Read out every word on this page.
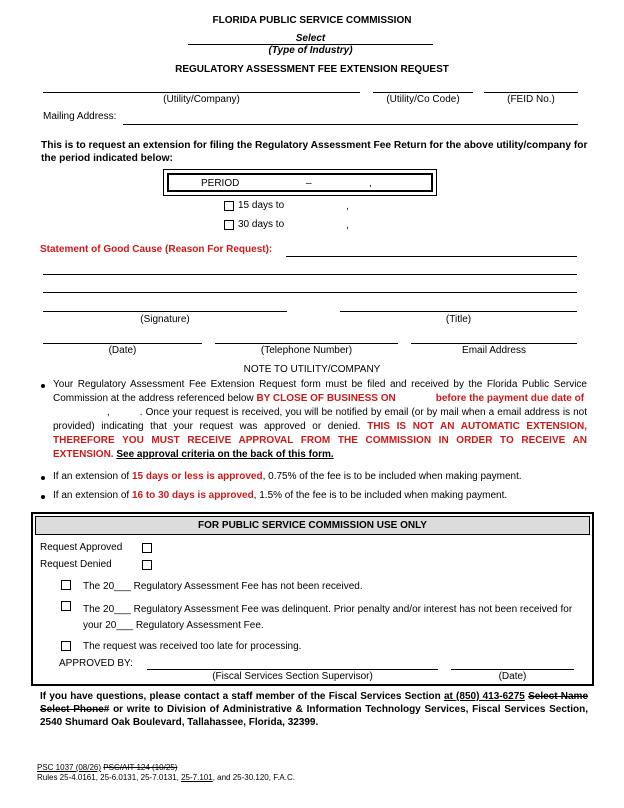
FLORIDA PUBLIC SERVICE COMMISSION
Select
(Type of Industry)
REGULATORY ASSESSMENT FEE EXTENSION REQUEST
(Utility/Company)	(Utility/Co Code)	(FEID No.)
Mailing Address:
This is to request an extension for filing the Regulatory Assessment Fee Return for the above utility/company for the period indicated below:
PERIOD	–	,
15 days to	,
30 days to	,
Statement of Good Cause (Reason For Request):
(Signature)	(Title)
(Date)	(Telephone Number)	Email Address
NOTE TO UTILITY/COMPANY
Your Regulatory Assessment Fee Extension Request form must be filed and received by the Florida Public Service Commission at the address referenced below BY CLOSE OF BUSINESS ON	before the payment due date of
,	. Once your request is received, you will be notified by email (or by mail when a email address is not provided) indicating that your request was approved or denied. THIS IS NOT AN AUTOMATIC EXTENSION, THEREFORE YOU MUST RECEIVE APPROVAL FROM THE COMMISSION IN ORDER TO RECEIVE AN EXTENSION. See approval criteria on the back of this form.
If an extension of 15 days or less is approved, 0.75% of the fee is to be included when making payment.
If an extension of 16 to 30 days is approved, 1.5% of the fee is to be included when making payment.
FOR PUBLIC SERVICE COMMISSION USE ONLY
Request Approved
Request Denied
The 20___ Regulatory Assessment Fee has not been received.
The 20___ Regulatory Assessment Fee was delinquent. Prior penalty and/or interest has not been received for
your 20___ Regulatory Assessment Fee.
The request was received too late for processing.
APPROVED BY:
(Fiscal Services Section Supervisor)	(Date)
If you have questions, please contact a staff member of the Fiscal Services Section at (850) 413-6275 Select Name Select Phone# or write to Division of Administrative & Information Technology Services, Fiscal Services Section, 2540 Shumard Oak Boulevard, Tallahassee, Florida, 32399.
PSC 1037 (08/26) PSC/AIT 124 (10/25)
Rules 25-4.0161, 25-6.0131, 25-7.0131, 25-7.101, and 25-30.120, F.A.C.
